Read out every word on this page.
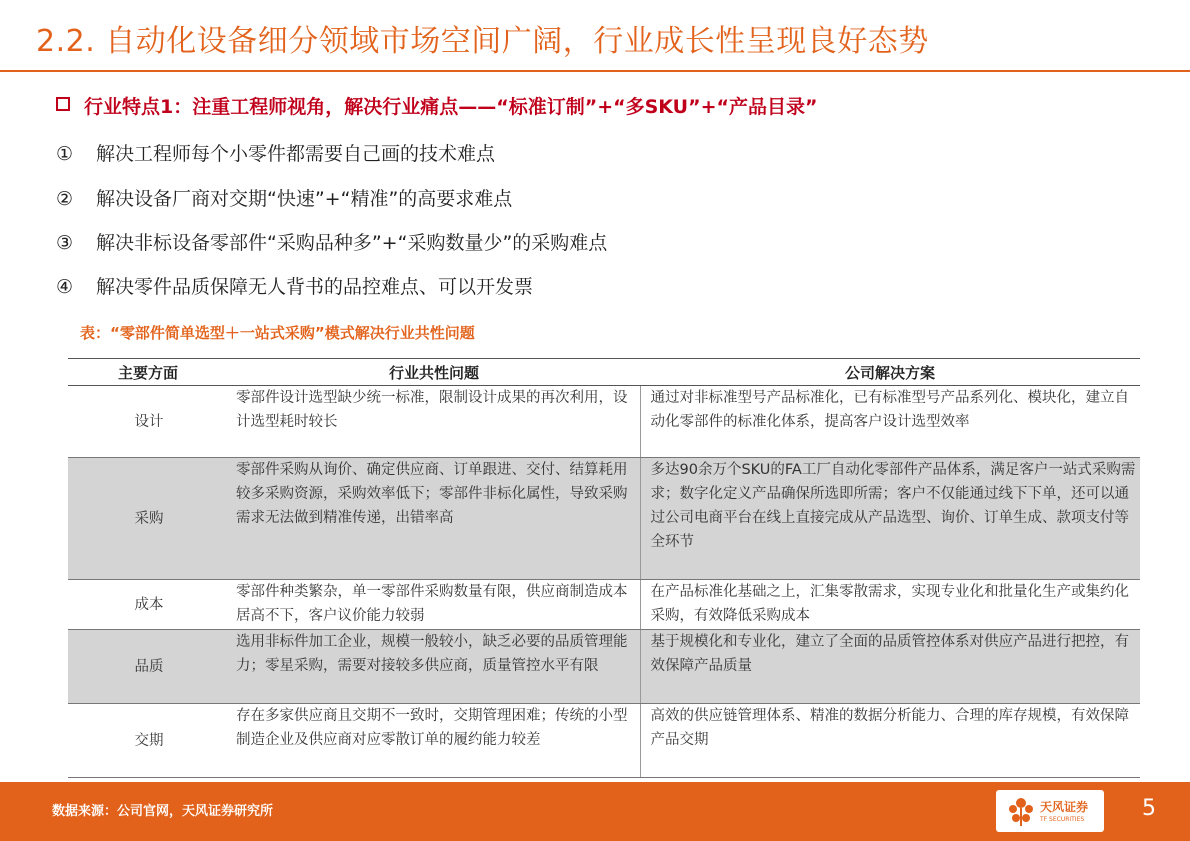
2.2. 自动化设备细分领域市场空间广阔，行业成长性呈现良好态势
行业特点1：注重工程师视角，解决行业痛点——“标准订制”+“多SKU”+“产品目录”
① 解决工程师每个小零件都需要自己画的技术难点
② 解决设备厂商对交期“快速”+“精准”的高要求难点
③ 解决非标设备零部件“采购品种多”+“采购数量少”的采购难点
④ 解决零件品质保障无人背书的品控难点、可以开发票
表：“零部件简单选型＋一站式采购”模式解决行业共性问题
主要方面	行业共性问题	公司解决方案
设计	零部件设计选型缺少统一标准，限制设计成果的再次利用，设计选型耗时较长	通过对非标准型号产品标准化，已有标准型号产品系列化、模块化，建立自动化零部件的标准化体系，提高客户设计选型效率
采购	零部件采购从询价、确定供应商、订单跟进、交付、结算耗用较多采购资源，采购效率低下；零部件非标化属性，导致采购需求无法做到精准传递，出错率高	多达90余万个SKU的FA工厂自动化零部件产品体系，满足客户一站式采购需求；数字化定义产品确保所选即所需；客户不仅能通过线下下单，还可以通过公司电商平台在线上直接完成从产品选型、询价、订单生成、款项支付等全环节
成本	零部件种类繁杂，单一零部件采购数量有限，供应商制造成本居高不下，客户议价能力较弱	在产品标准化基础之上，汇集零散需求，实现专业化和批量化生产或集约化采购，有效降低采购成本
品质	选用非标件加工企业，规模一般较小，缺乏必要的品质管理能力；零星采购，需要对接较多供应商，质量管控水平有限	基于规模化和专业化，建立了全面的品质管控体系对供应产品进行把控，有效保障产品质量
交期	存在多家供应商且交期不一致时，交期管理困难；传统的小型制造企业及供应商对应零散订单的履约能力较差	高效的供应链管理体系、精准的数据分析能力、合理的库存规模，有效保障产品交期
数据来源：公司官网，天风证券研究所	天风证券
TF SECURITIES	5
